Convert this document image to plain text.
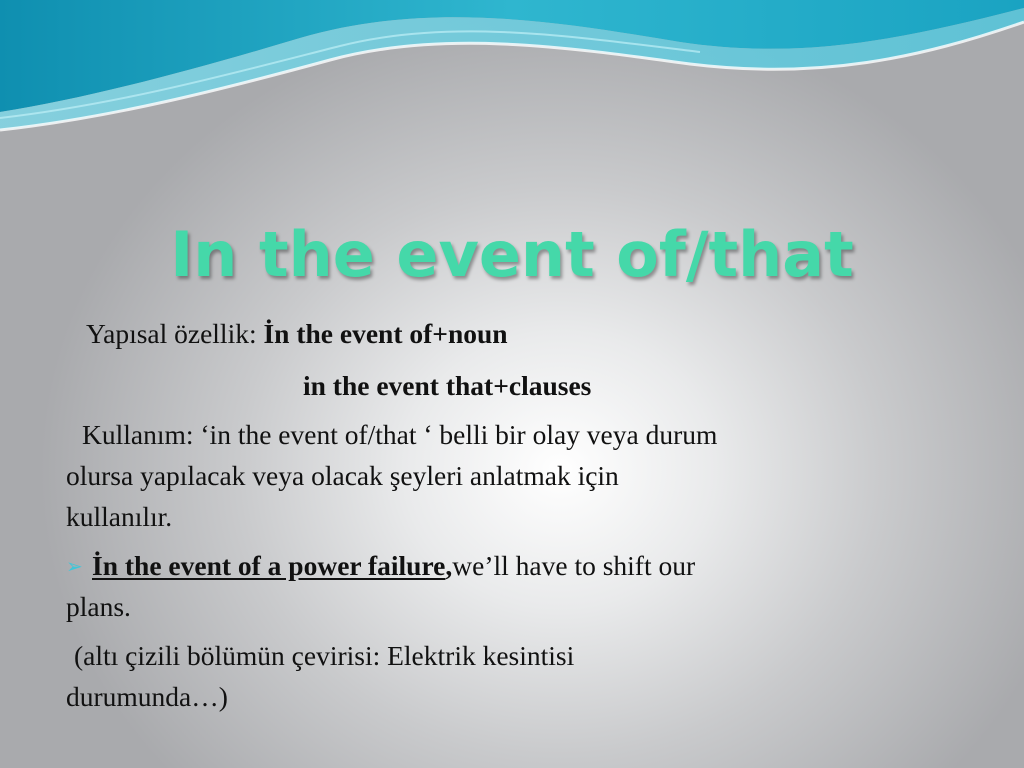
In the event of/that
Yapısal özellik: İn the event of+noun
in the event that+clauses
Kullanım: ‘in the event of/that ‘ belli bir olay veya durum
olursa yapılacak veya olacak şeyleri anlatmak için
kullanılır.
➢ İn the event of a power failure,we’ll have to shift our
plans.
(altı çizili bölümün çevirisi: Elektrik kesintisi
durumunda…)
